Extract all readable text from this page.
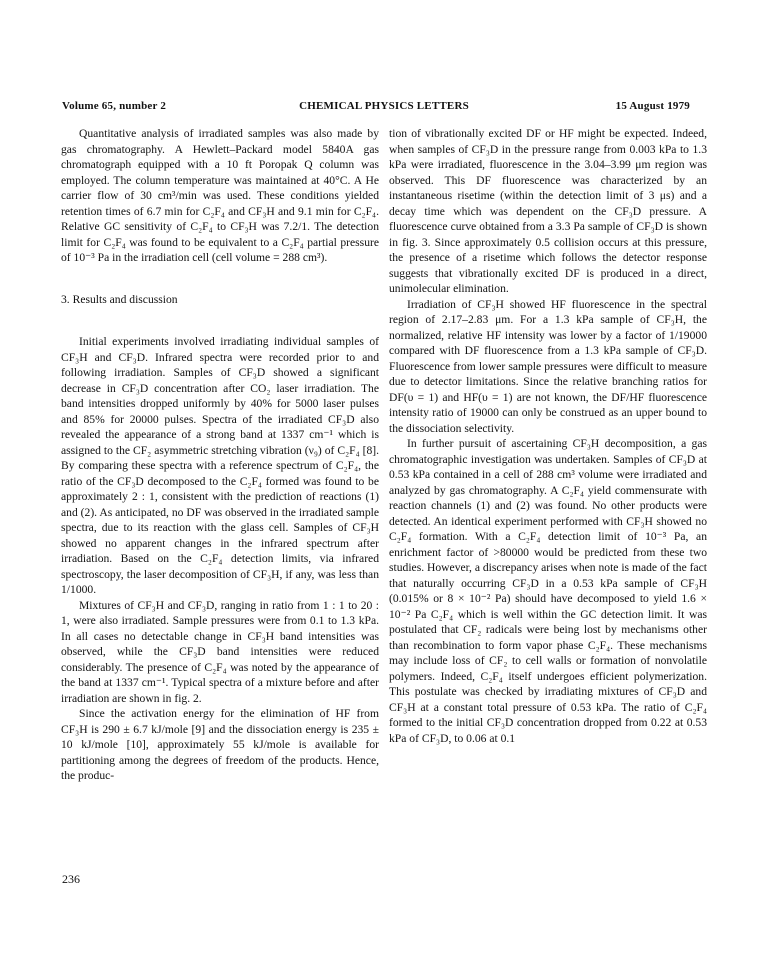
Volume 65, number 2	CHEMICAL PHYSICS LETTERS	15 August 1979

Quantitative analysis of irradiated samples was also made by gas chromatography. A Hewlett–Packard model 5840A gas chromatograph equipped with a 10 ft Poropak Q column was employed. The column temperature was maintained at 40°C. A He carrier flow of 30 cm³/min was used. These conditions yielded retention times of 6.7 min for C₂F₄ and CF₃H and 9.1 min for C₂F₄. Relative GC sensitivity of C₂F₄ to CF₃H was 7.2/1. The detection limit for C₂F₄ was found to be equivalent to a C₂F₄ partial pressure of 10⁻³ Pa in the irradiation cell (cell volume = 288 cm³).

3. Results and discussion

Initial experiments involved irradiating individual samples of CF₃H and CF₃D. Infrared spectra were recorded prior to and following irradiation. Samples of CF₃D showed a significant decrease in CF₃D concentration after CO₂ laser irradiation. The band intensities dropped uniformly by 40% for 5000 laser pulses and 85% for 20000 pulses. Spectra of the irradiated CF₃D also revealed the appearance of a strong band at 1337 cm⁻¹ which is assigned to the CF₂ asymmetric stretching vibration (ν₉) of C₂F₄ [8]. By comparing these spectra with a reference spectrum of C₂F₄, the ratio of the CF₃D decomposed to the C₂F₄ formed was found to be approximately 2 : 1, consistent with the prediction of reactions (1) and (2). As anticipated, no DF was observed in the irradiated sample spectra, due to its reaction with the glass cell. Samples of CF₃H showed no apparent changes in the infrared spectrum after irradiation. Based on the C₂F₄ detection limits, via infrared spectroscopy, the laser decomposition of CF₃H, if any, was less than 1/1000.

Mixtures of CF₃H and CF₃D, ranging in ratio from 1 : 1 to 20 : 1, were also irradiated. Sample pressures were from 0.1 to 1.3 kPa. In all cases no detectable change in CF₃H band intensities was observed, while the CF₃D band intensities were reduced considerably. The presence of C₂F₄ was noted by the appearance of the band at 1337 cm⁻¹. Typical spectra of a mixture before and after irradiation are shown in fig. 2.

Since the activation energy for the elimination of HF from CF₃H is 290 ± 6.7 kJ/mole [9] and the dissociation energy is 235 ± 10 kJ/mole [10], approximately 55 kJ/mole is available for partitioning among the degrees of freedom of the products. Hence, the produc-

tion of vibrationally excited DF or HF might be expected. Indeed, when samples of CF₃D in the pressure range from 0.003 kPa to 1.3 kPa were irradiated, fluorescence in the 3.04–3.99 μm region was observed. This DF fluorescence was characterized by an instantaneous risetime (within the detection limit of 3 μs) and a decay time which was dependent on the CF₃D pressure. A fluorescence curve obtained from a 3.3 Pa sample of CF₃D is shown in fig. 3. Since approximately 0.5 collision occurs at this pressure, the presence of a risetime which follows the detector response suggests that vibrationally excited DF is produced in a direct, unimolecular elimination.

Irradiation of CF₃H showed HF fluorescence in the spectral region of 2.17–2.83 μm. For a 1.3 kPa sample of CF₃H, the normalized, relative HF intensity was lower by a factor of 1/19000 compared with DF fluorescence from a 1.3 kPa sample of CF₃D. Fluorescence from lower sample pressures were difficult to measure due to detector limitations. Since the relative branching ratios for DF(υ = 1) and HF(υ = 1) are not known, the DF/HF fluorescence intensity ratio of 19000 can only be construed as an upper bound to the dissociation selectivity.

In further pursuit of ascertaining CF₃H decomposition, a gas chromatographic investigation was undertaken. Samples of CF₃D at 0.53 kPa contained in a cell of 288 cm³ volume were irradiated and analyzed by gas chromatography. A C₂F₄ yield commensurate with reaction channels (1) and (2) was found. No other products were detected. An identical experiment performed with CF₃H showed no C₂F₄ formation. With a C₂F₄ detection limit of 10⁻³ Pa, an enrichment factor of >80000 would be predicted from these two studies. However, a discrepancy arises when note is made of the fact that naturally occurring CF₃D in a 0.53 kPa sample of CF₃H (0.015% or 8 × 10⁻² Pa) should have decomposed to yield 1.6 × 10⁻² Pa C₂F₄ which is well within the GC detection limit. It was postulated that CF₂ radicals were being lost by mechanisms other than recombination to form vapor phase C₂F₄. These mechanisms may include loss of CF₂ to cell walls or formation of nonvolatile polymers. Indeed, C₂F₄ itself undergoes efficient polymerization. This postulate was checked by irradiating mixtures of CF₃D and CF₃H at a constant total pressure of 0.53 kPa. The ratio of C₂F₄ formed to the initial CF₃D concentration dropped from 0.22 at 0.53 kPa of CF₃D, to 0.06 at 0.1

236
